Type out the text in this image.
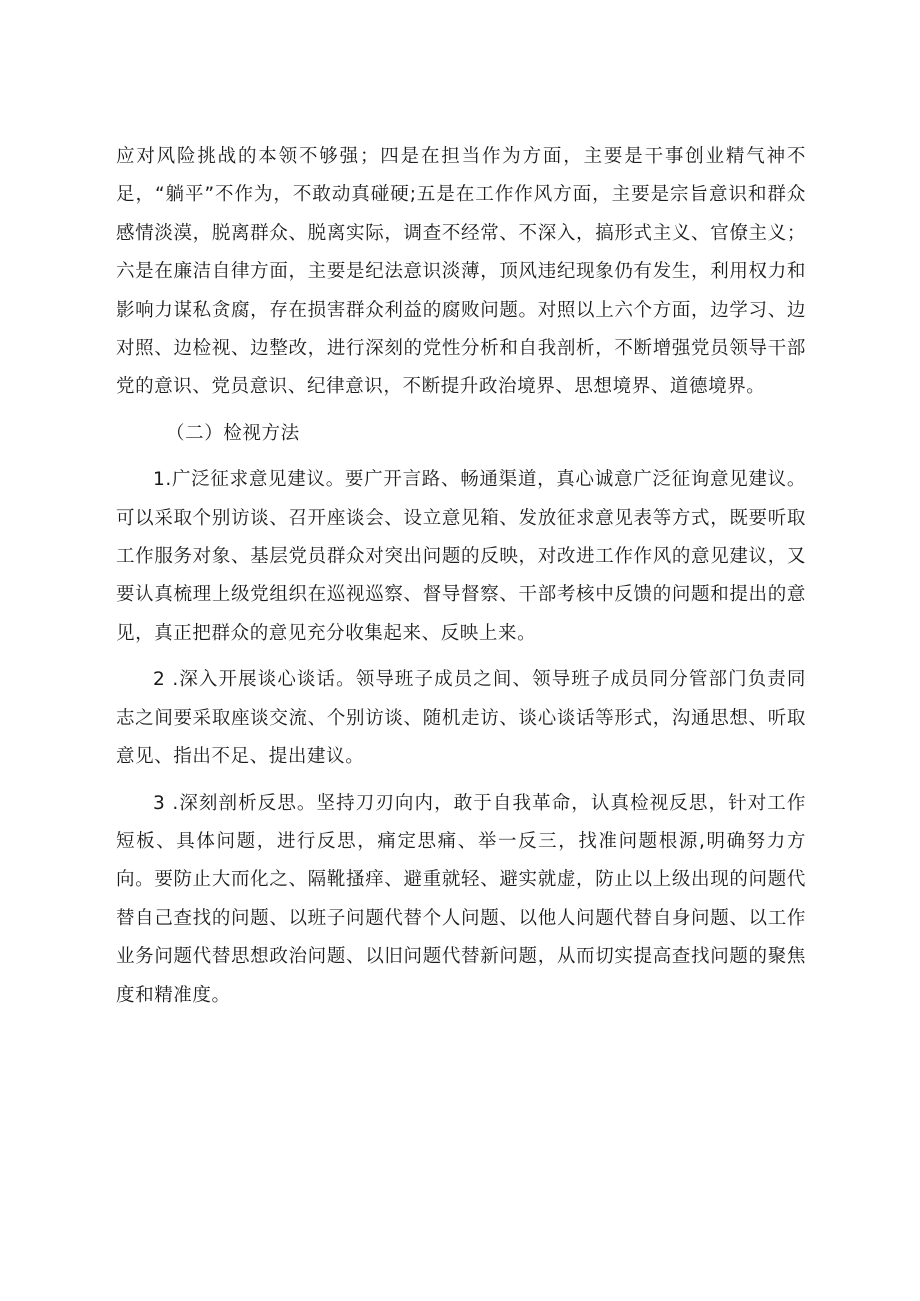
应对风险挑战的本领不够强；四是在担当作为方面，主要是干事创业精气神不足，“躺平”不作为，不敢动真碰硬;五是在工作作风方面，主要是宗旨意识和群众感情淡漠，脱离群众、脱离实际，调查不经常、不深入，搞形式主义、官僚主义；六是在廉洁自律方面，主要是纪法意识淡薄，顶风违纪现象仍有发生，利用权力和影响力谋私贪腐，存在损害群众利益的腐败问题。对照以上六个方面，边学习、边对照、边检视、边整改，进行深刻的党性分析和自我剖析，不断增强党员领导干部党的意识、党员意识、纪律意识，不断提升政治境界、思想境界、道德境界。

（二）检视方法

1.广泛征求意见建议。要广开言路、畅通渠道，真心诚意广泛征询意见建议。可以采取个别访谈、召开座谈会、设立意见箱、发放征求意见表等方式，既要听取工作服务对象、基层党员群众对突出问题的反映，对改进工作作风的意见建议，又要认真梳理上级党组织在巡视巡察、督导督察、干部考核中反馈的问题和提出的意见，真正把群众的意见充分收集起来、反映上来。

2 .深入开展谈心谈话。领导班子成员之间、领导班子成员同分管部门负责同志之间要采取座谈交流、个别访谈、随机走访、谈心谈话等形式，沟通思想、听取意见、指出不足、提出建议。

3 .深刻剖析反思。坚持刀刃向内，敢于自我革命，认真检视反思，针对工作短板、具体问题，进行反思，痛定思痛、举一反三，找准问题根源,明确努力方向。要防止大而化之、隔靴搔痒、避重就轻、避实就虚，防止以上级出现的问题代替自己查找的问题、以班子问题代替个人问题、以他人问题代替自身问题、以工作业务问题代替思想政治问题、以旧问题代替新问题，从而切实提高查找问题的聚焦度和精准度。
